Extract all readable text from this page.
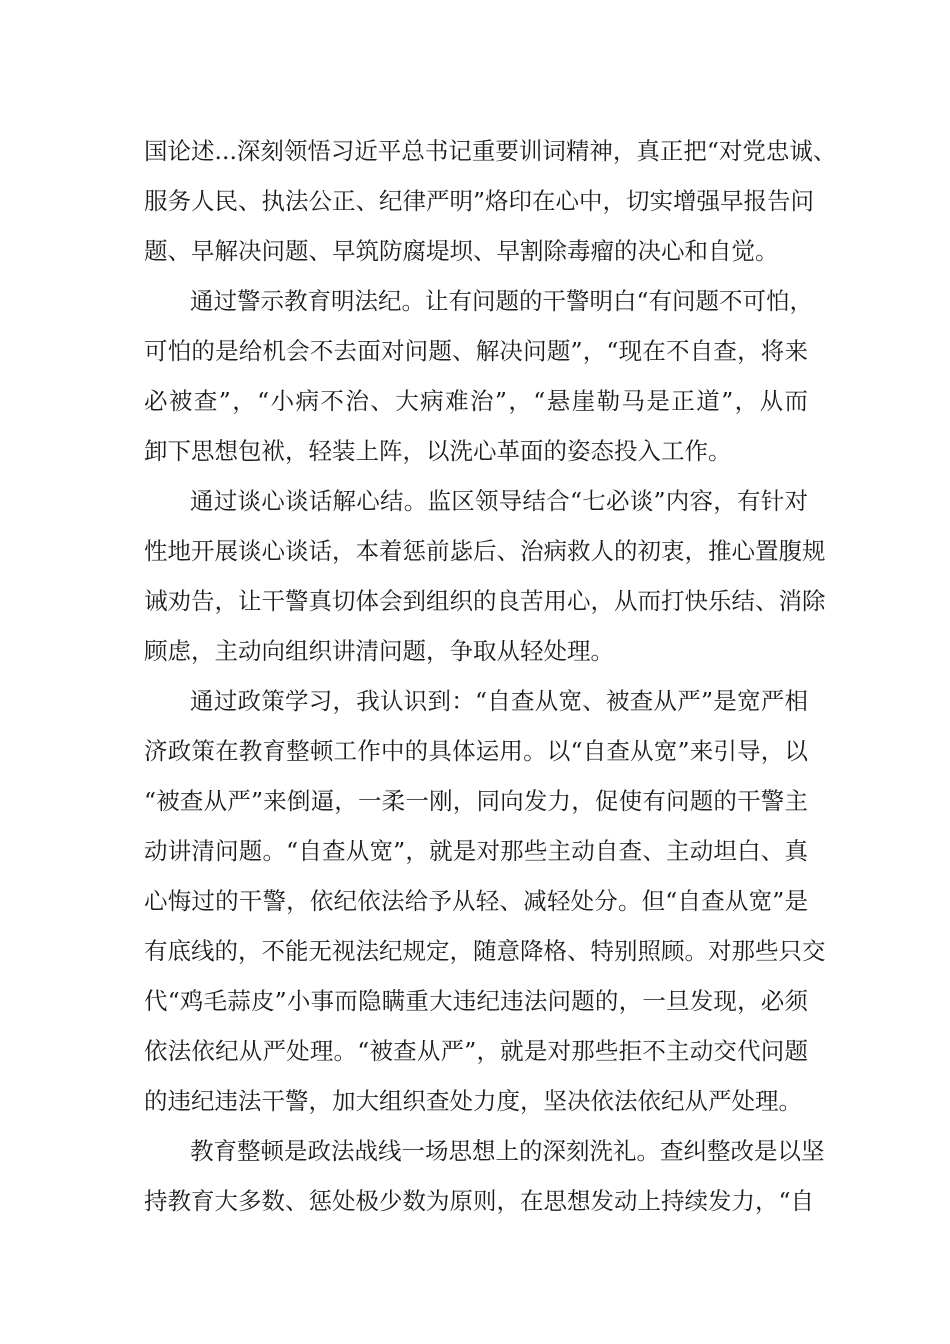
国论述...深刻领悟习近平总书记重要训词精神，真正把“对党忠诚、
服务人民、执法公正、纪律严明”烙印在心中，切实增强早报告问
题、早解决问题、早筑防腐堤坝、早割除毒瘤的决心和自觉。
通过警示教育明法纪。让有问题的干警明白“有问题不可怕，
可怕的是给机会不去面对问题、解决问题”，“现在不自查，将来
必被查”，“小病不治、大病难治”，“悬崖勒马是正道”，从而
卸下思想包袱，轻装上阵，以洗心革面的姿态投入工作。
通过谈心谈话解心结。监区领导结合“七必谈”内容，有针对
性地开展谈心谈话，本着惩前毖后、治病救人的初衷，推心置腹规
诫劝告，让干警真切体会到组织的良苦用心，从而打快乐结、消除
顾虑，主动向组织讲清问题，争取从轻处理。
通过政策学习，我认识到：“自查从宽、被查从严”是宽严相
济政策在教育整顿工作中的具体运用。以“自查从宽”来引导，以
“被查从严”来倒逼，一柔一刚，同向发力，促使有问题的干警主
动讲清问题。“自查从宽”，就是对那些主动自查、主动坦白、真
心悔过的干警，依纪依法给予从轻、减轻处分。但“自查从宽”是
有底线的，不能无视法纪规定，随意降格、特别照顾。对那些只交
代“鸡毛蒜皮”小事而隐瞒重大违纪违法问题的，一旦发现，必须
依法依纪从严处理。“被查从严”，就是对那些拒不主动交代问题
的违纪违法干警，加大组织查处力度，坚决依法依纪从严处理。
教育整顿是政法战线一场思想上的深刻洗礼。查纠整改是以坚
持教育大多数、惩处极少数为原则，在思想发动上持续发力，“自
